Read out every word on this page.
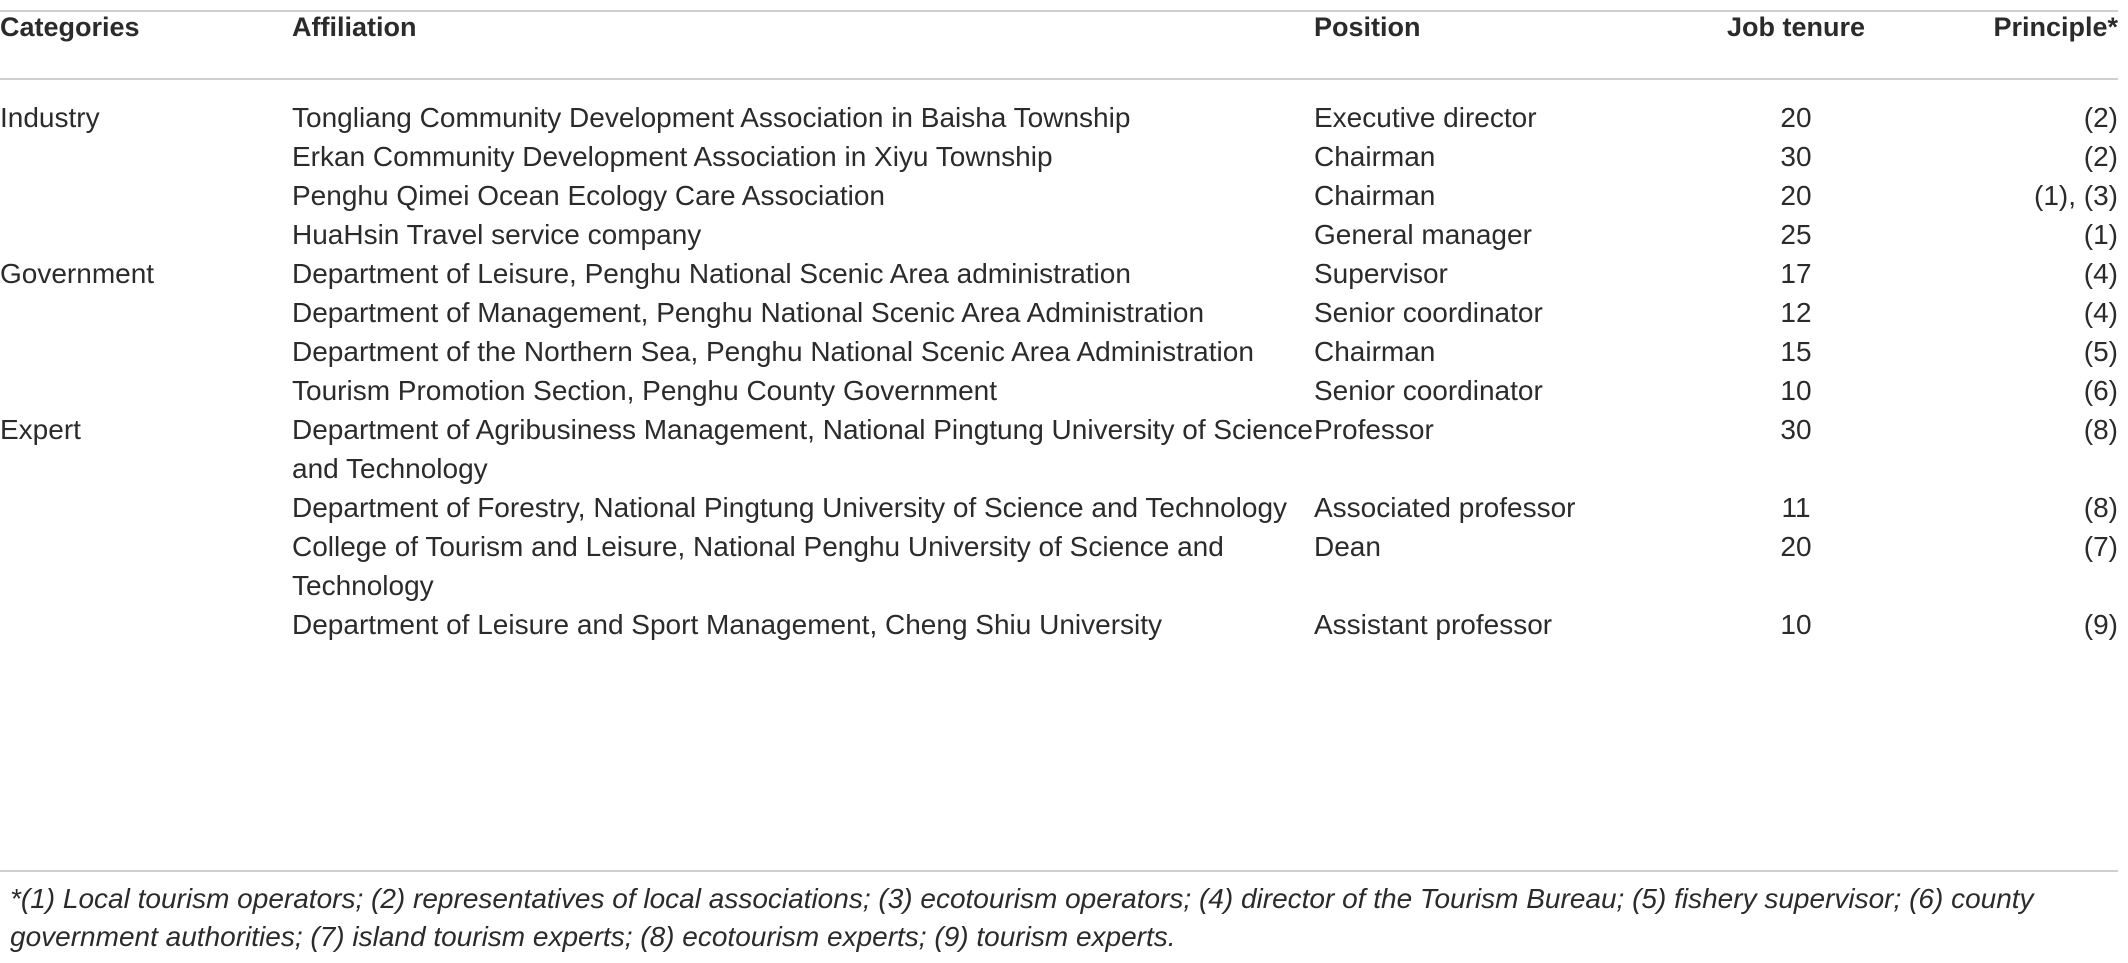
Categories	Affiliation	Position	Job tenure	Principle*
Industry	Tongliang Community Development Association in Baisha Township	Executive director	20	(2)
	Erkan Community Development Association in Xiyu Township	Chairman	30	(2)
	Penghu Qimei Ocean Ecology Care Association	Chairman	20	(1), (3)
	HuaHsin Travel service company	General manager	25	(1)
Government	Department of Leisure, Penghu National Scenic Area administration	Supervisor	17	(4)
	Department of Management, Penghu National Scenic Area Administration	Senior coordinator	12	(4)
	Department of the Northern Sea, Penghu National Scenic Area Administration	Chairman	15	(5)
	Tourism Promotion Section, Penghu County Government	Senior coordinator	10	(6)
Expert	Department of Agribusiness Management, National Pingtung University of Science and Technology	Professor	30	(8)
	Department of Forestry, National Pingtung University of Science and Technology	Associated professor	11	(8)
	College of Tourism and Leisure, National Penghu University of Science and Technology	Dean	20	(7)
	Department of Leisure and Sport Management, Cheng Shiu University	Assistant professor	10	(9)
*(1) Local tourism operators; (2) representatives of local associations; (3) ecotourism operators; (4) director of the Tourism Bureau; (5) fishery supervisor; (6) county government authorities; (7) island tourism experts; (8) ecotourism experts; (9) tourism experts.
